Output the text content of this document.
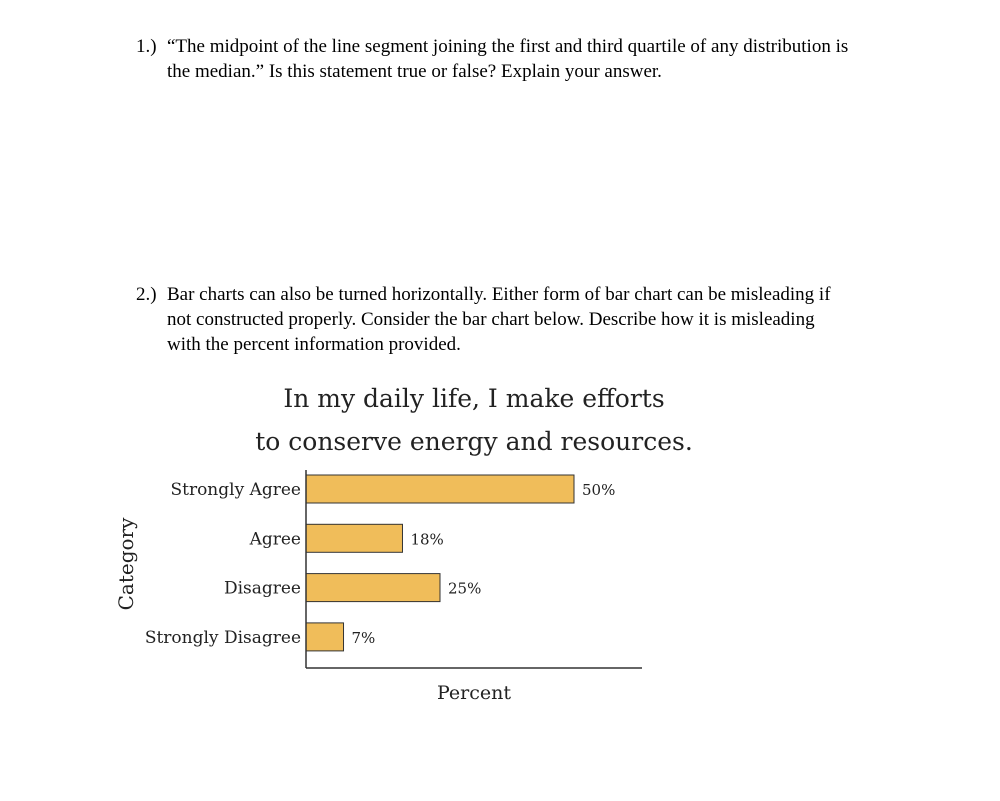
1.) “The midpoint of the line segment joining the first and third quartile of any distribution is
the median.” Is this statement true or false? Explain your answer.
2.) Bar charts can also be turned horizontally. Either form of bar chart can be misleading if
not constructed properly. Consider the bar chart below. Describe how it is misleading
with the percent information provided.
In my daily life, I make efforts
to conserve energy and resources.
Strongly Agree	50%
Agree	18%
Disagree	25%
Strongly Disagree	7%
Percent
Category
